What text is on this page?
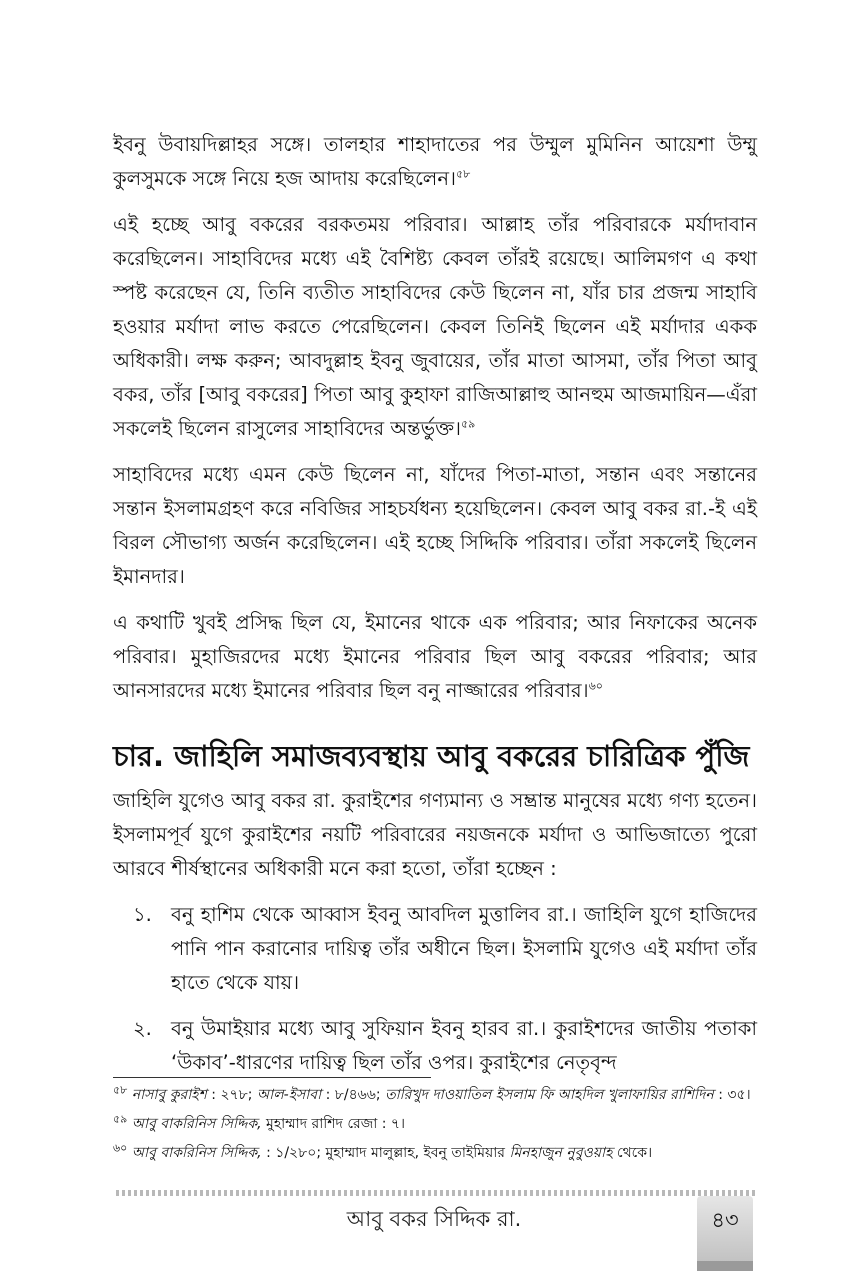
ইবনু উবায়দিল্লাহর সঙ্গে। তালহার শাহাদাতের পর উম্মুল মুমিনিন আয়েশা উম্মু কুলসুমকে সঙ্গে নিয়ে হজ আদায় করেছিলেন।$^{৫৮}$

এই হচ্ছে আবু বকরের বরকতময় পরিবার। আল্লাহ তাঁর পরিবারকে মর্যাদাবান করেছিলেন। সাহাবিদের মধ্যে এই বৈশিষ্ট্য কেবল তাঁরই রয়েছে। আলিমগণ এ কথা স্পষ্ট করেছেন যে, তিনি ব্যতীত সাহাবিদের কেউ ছিলেন না, যাঁর চার প্রজন্ম সাহাবি হওয়ার মর্যাদা লাভ করতে পেরেছিলেন। কেবল তিনিই ছিলেন এই মর্যাদার একক অধিকারী। লক্ষ করুন; আবদুল্লাহ ইবনু জুবায়ের, তাঁর মাতা আসমা, তাঁর পিতা আবু বকর, তাঁর [আবু বকরের] পিতা আবু কুহাফা রাজিআল্লাহু আনহুম আজমায়িন—এঁরা সকলেই ছিলেন রাসুলের সাহাবিদের অন্তর্ভুক্ত।$^{৫৯}$

সাহাবিদের মধ্যে এমন কেউ ছিলেন না, যাঁদের পিতা-মাতা, সন্তান এবং সন্তানের সন্তান ইসলামগ্রহণ করে নবিজির সাহচর্যধন্য হয়েছিলেন। কেবল আবু বকর রা.-ই এই বিরল সৌভাগ্য অর্জন করেছিলেন। এই হচ্ছে সিদ্দিকি পরিবার। তাঁরা সকলেই ছিলেন ইমানদার।

এ কথাটি খুবই প্রসিদ্ধ ছিল যে, ইমানের থাকে এক পরিবার; আর নিফাকের অনেক পরিবার। মুহাজিরদের মধ্যে ইমানের পরিবার ছিল আবু বকরের পরিবার; আর আনসারদের মধ্যে ইমানের পরিবার ছিল বনু নাজ্জারের পরিবার।$^{৬০}$

চার. জাহিলি সমাজব্যবস্থায় আবু বকরের চারিত্রিক পুঁজি

জাহিলি যুগেও আবু বকর রা. কুরাইশের গণ্যমান্য ও সম্ভ্রান্ত মানুষের মধ্যে গণ্য হতেন। ইসলামপূর্ব যুগে কুরাইশের নয়টি পরিবারের নয়জনকে মর্যাদা ও আভিজাত্যে পুরো আরবে শীর্ষস্থানের অধিকারী মনে করা হতো, তাঁরা হচ্ছেন :

১. বনু হাশিম থেকে আব্বাস ইবনু আবদিল মুত্তালিব রা.। জাহিলি যুগে হাজিদের পানি পান করানোর দায়িত্ব তাঁর অধীনে ছিল। ইসলামি যুগেও এই মর্যাদা তাঁর হাতে থেকে যায়।
২. বনু উমাইয়ার মধ্যে আবু সুফিয়ান ইবনু হারব রা.। কুরাইশদের জাতীয় পতাকা ‘উকাব’-ধারণের দায়িত্ব ছিল তাঁর ওপর। কুরাইশের নেতৃবৃন্দ

$^{৫৮}$ নাসাবু কুরাইশ : ২৭৮; আল-ইসাবা : ৮/৪৬৬; তারিখুদ দাওয়াতিল ইসলাম ফি আহদিল খুলাফায়ির রাশিদিন : ৩৫।

$^{৫৯}$ আবু বাকরিনিস সিদ্দিক, মুহাম্মাদ রাশিদ রেজা : ৭।

$^{৬০}$ আবু বাকরিনিস সিদ্দিক, : ১/২৮০; মুহাম্মাদ মালুল্লাহ, ইবনু তাইমিয়ার মিনহাজুন নুবুওয়াহ থেকে।

আবু বকর সিদ্দিক রা.	৪৩
